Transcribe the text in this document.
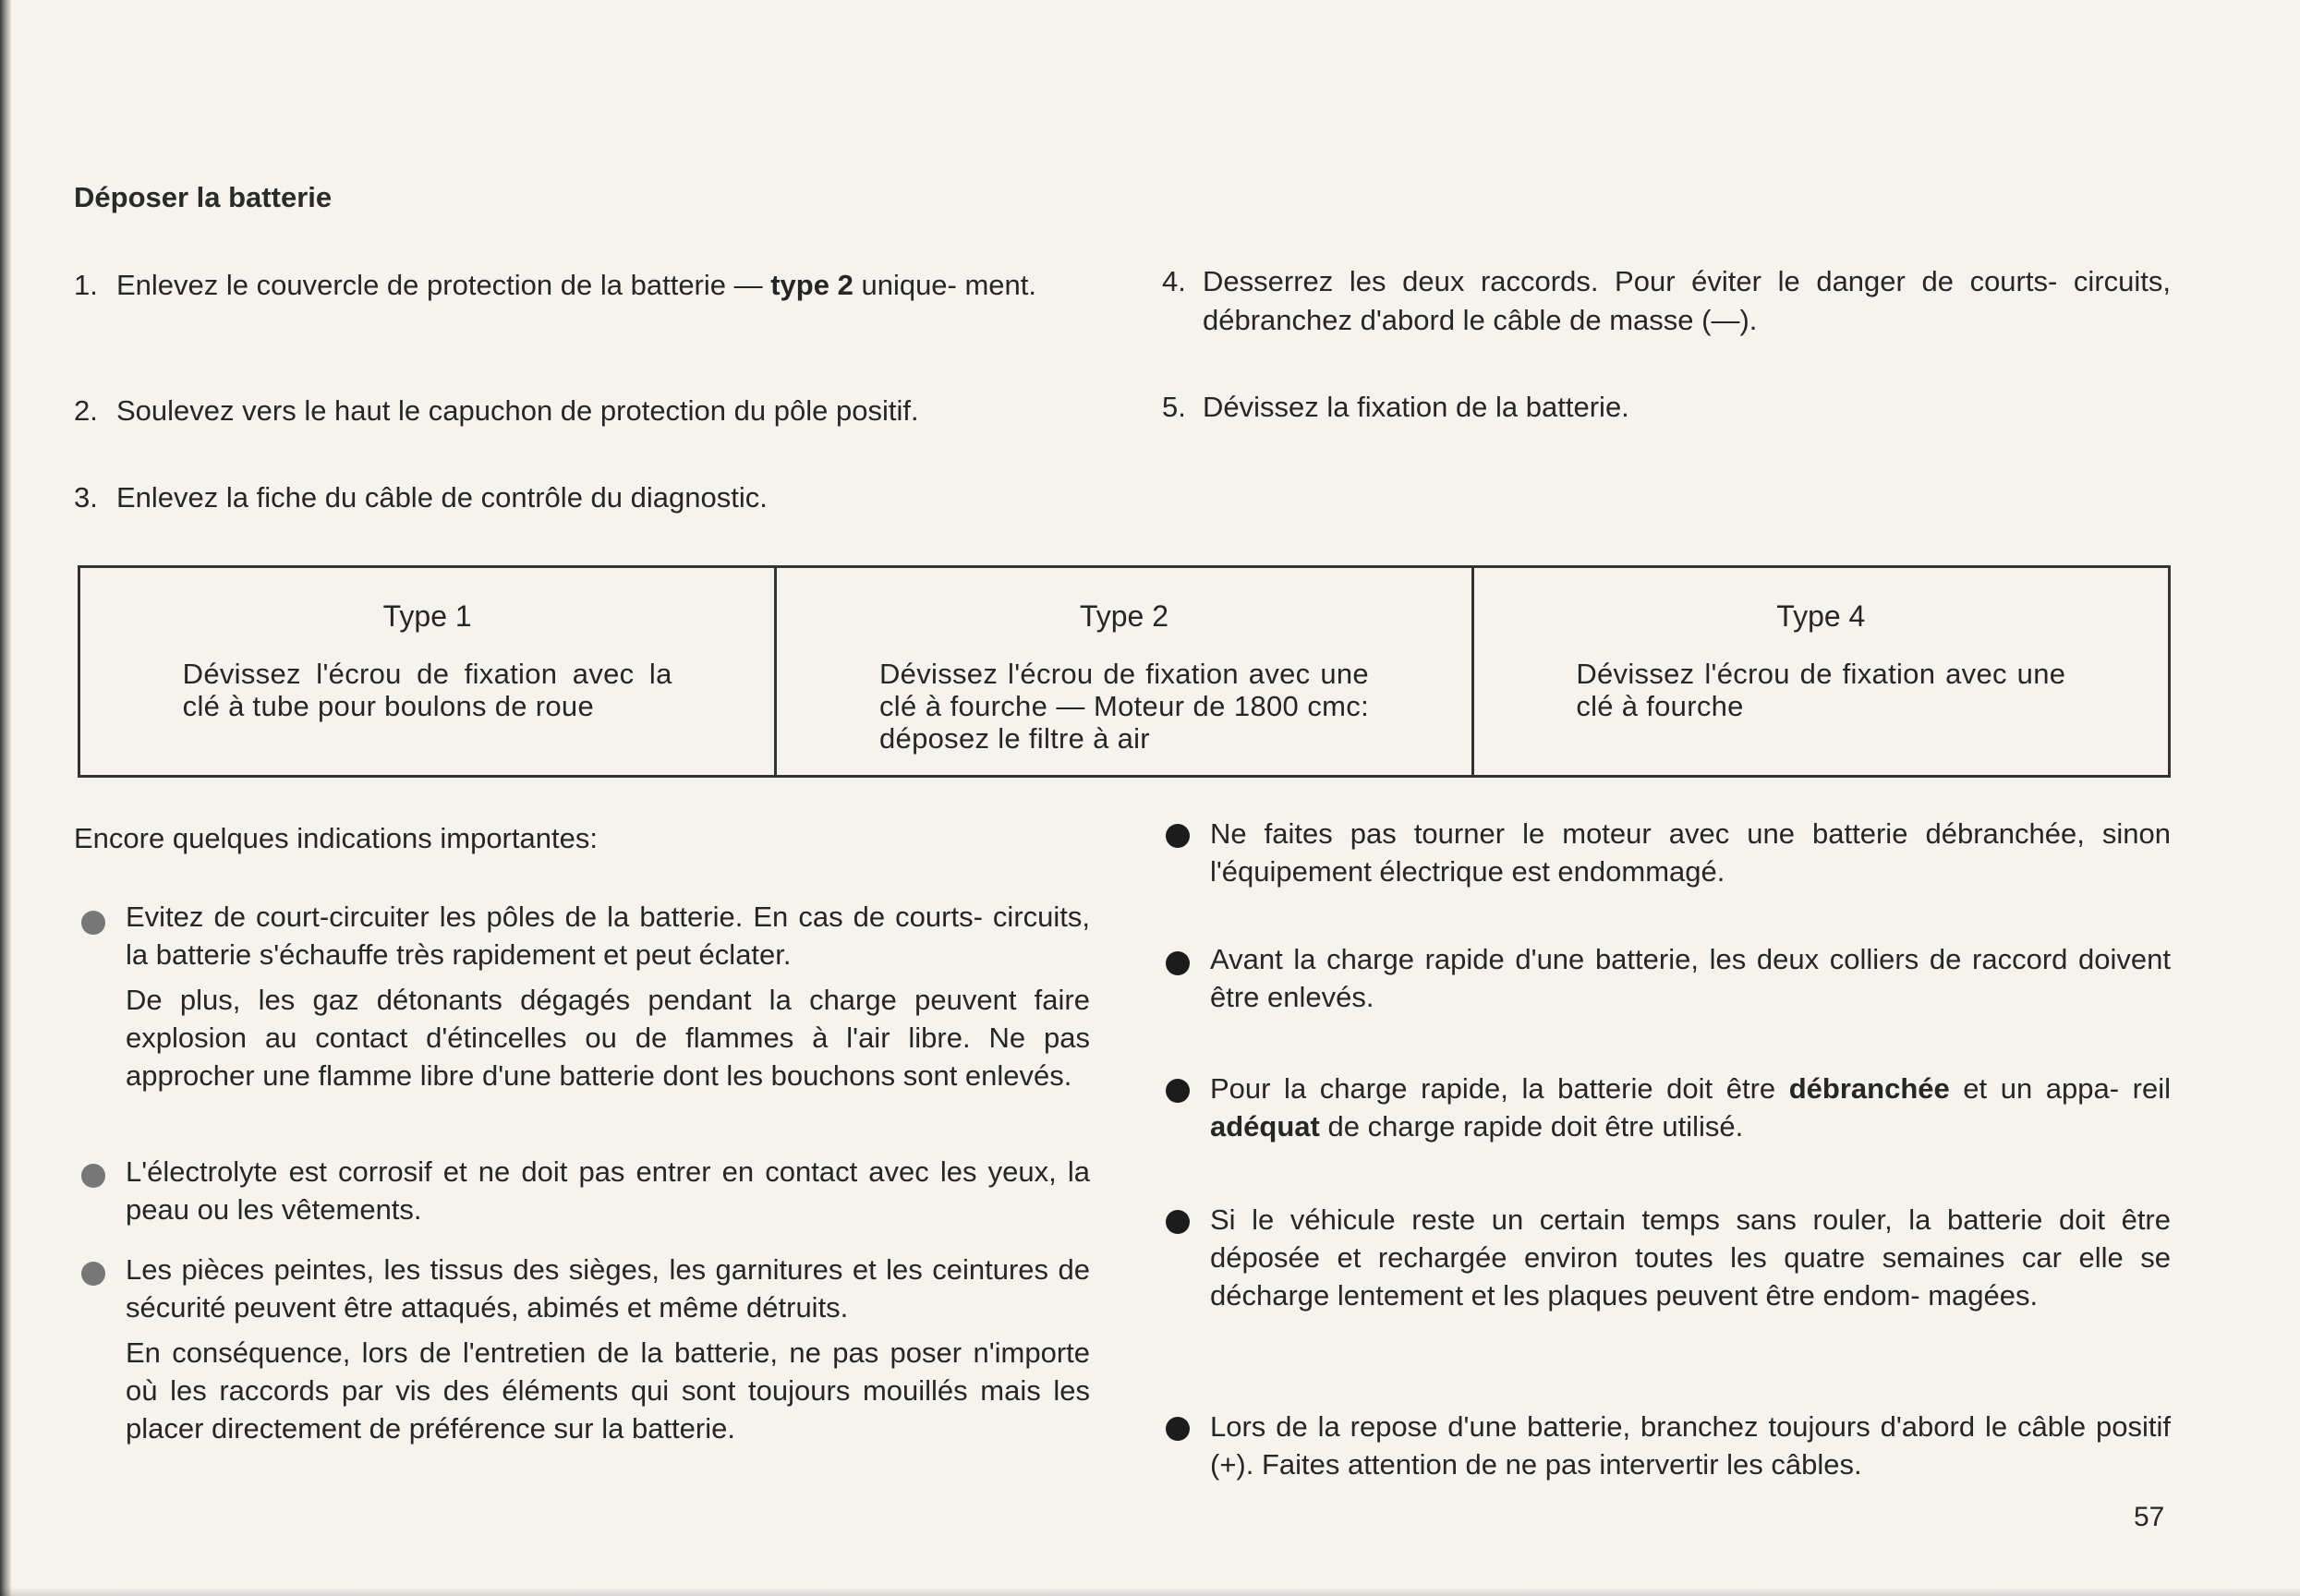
Déposer la batterie
1. Enlevez le couvercle de protection de la batterie — type 2 unique- ment.
2. Soulevez vers le haut le capuchon de protection du pôle positif.
3. Enlevez la fiche du câble de contrôle du diagnostic.
4. Desserrez les deux raccords. Pour éviter le danger de courts- circuits, débranchez d'abord le câble de masse (—).
5. Dévissez la fixation de la batterie.
Type 1
Dévissez l'écrou de fixation avec la clé à tube pour boulons de roue
Type 2
Dévissez l'écrou de fixation avec une clé à fourche — Moteur de 1800 cmc: déposez le filtre à air
Type 4
Dévissez l'écrou de fixation avec une clé à fourche
Encore quelques indications importantes:
Evitez de court-circuiter les pôles de la batterie. En cas de courts- circuits, la batterie s'échauffe très rapidement et peut éclater.
De plus, les gaz détonants dégagés pendant la charge peuvent faire explosion au contact d'étincelles ou de flammes à l'air libre. Ne pas approcher une flamme libre d'une batterie dont les bouchons sont enlevés.
L'électrolyte est corrosif et ne doit pas entrer en contact avec les yeux, la peau ou les vêtements.
Les pièces peintes, les tissus des sièges, les garnitures et les ceintures de sécurité peuvent être attaqués, abimés et même détruits.
En conséquence, lors de l'entretien de la batterie, ne pas poser n'importe où les raccords par vis des éléments qui sont toujours mouillés mais les placer directement de préférence sur la batterie.
Ne faites pas tourner le moteur avec une batterie débranchée, sinon l'équipement électrique est endommagé.
Avant la charge rapide d'une batterie, les deux colliers de raccord doivent être enlevés.
Pour la charge rapide, la batterie doit être débranchée et un appa- reil adéquat de charge rapide doit être utilisé.
Si le véhicule reste un certain temps sans rouler, la batterie doit être déposée et rechargée environ toutes les quatre semaines car elle se décharge lentement et les plaques peuvent être endom- magées.
Lors de la repose d'une batterie, branchez toujours d'abord le câble positif (+). Faites attention de ne pas intervertir les câbles.
57
